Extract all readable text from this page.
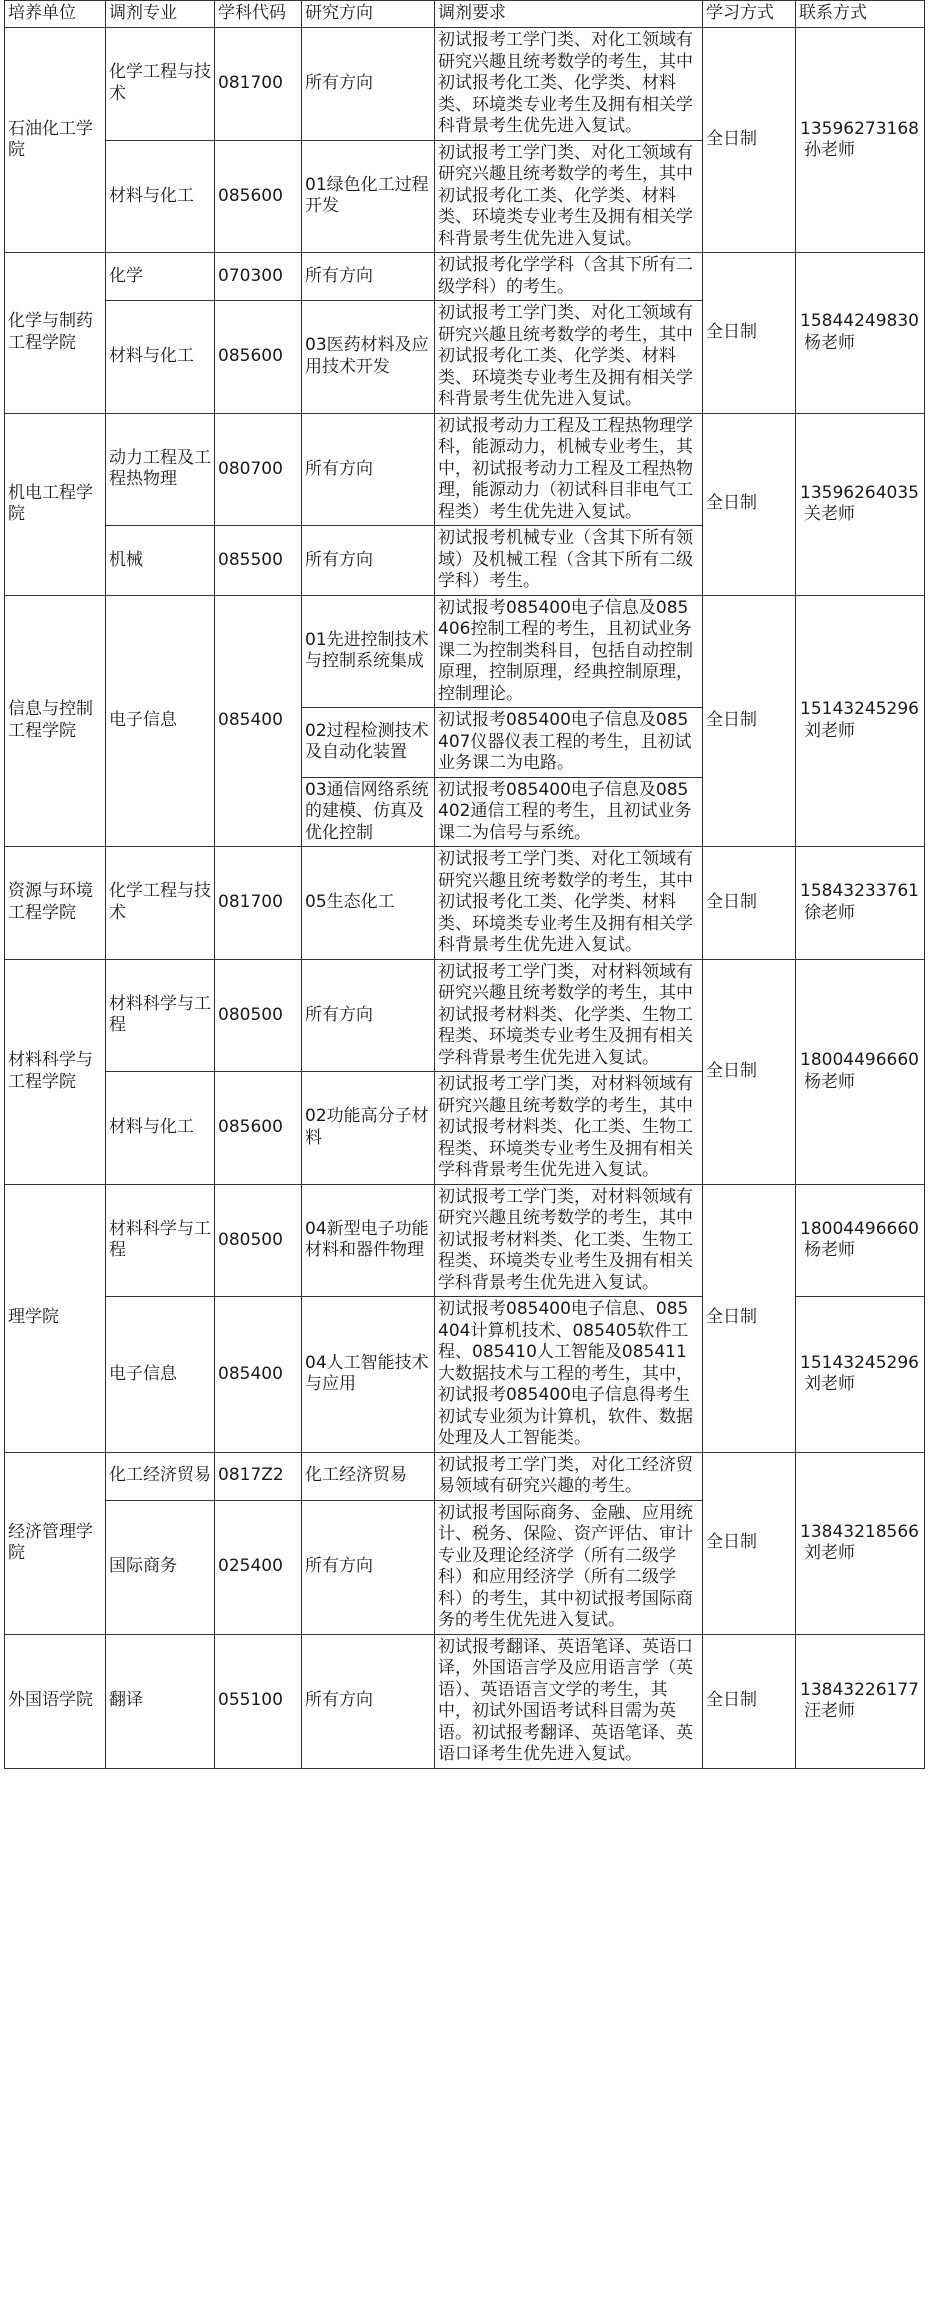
培养单位	调剂专业	学科代码	研究方向	调剂要求	学习方式	联系方式
石油化工学院	化学工程与技术	081700	所有方向	初试报考工学门类、对化工领域有研究兴趣且统考数学的考生，其中初试报考化工类、化学类、材料类、环境类专业考生及拥有相关学科背景考生优先进入复试。	全日制	13596273168
孙老师

	材料与化工	085600	01绿色化工过程开发	初试报考工学门类、对化工领域有研究兴趣且统考数学的考生，其中初试报考化工类、化学类、材料类、环境类专业考生及拥有相关学科背景考生优先进入复试。		
化学与制药工程学院	化学	070300	所有方向	初试报考化学学科（含其下所有二级学科）的考生。	全日制	15844249830
杨老师

	材料与化工	085600	03医药材料及应用技术开发	初试报考工学门类、对化工领域有研究兴趣且统考数学的考生，其中初试报考化工类、化学类、材料类、环境类专业考生及拥有相关学科背景考生优先进入复试。		
机电工程学院	动力工程及工程热物理	080700	所有方向	初试报考动力工程及工程热物理学科，能源动力，机械专业考生，其中，初试报考动力工程及工程热物理，能源动力（初试科目非电气工程类）考生优先进入复试。	全日制	13596264035
关老师

	机械	085500	所有方向	初试报考机械专业（含其下所有领域）及机械工程（含其下所有二级学科）考生。		
信息与控制工程学院	电子信息	085400	01先进控制技术与控制系统集成	初试报考085400电子信息及085406控制工程的考生，且初试业务课二为控制类科目，包括自动控制原理，控制原理，经典控制原理，控制理论。	全日制	15143245296
刘老师

			02过程检测技术及自动化装置	初试报考085400电子信息及085407仪器仪表工程的考生，且初试业务课二为电路。		
			03通信网络系统的建模、仿真及优化控制	初试报考085400电子信息及085402通信工程的考生，且初试业务课二为信号与系统。		
资源与环境工程学院	化学工程与技术	081700	05生态化工	初试报考工学门类、对化工领域有研究兴趣且统考数学的考生，其中初试报考化工类、化学类、材料类、环境类专业考生及拥有相关学科背景考生优先进入复试。	全日制	15843233761
徐老师

材料科学与工程学院	材料科学与工程	080500	所有方向	初试报考工学门类，对材料领域有研究兴趣且统考数学的考生，其中初试报考材料类、化学类、生物工程类、环境类专业考生及拥有相关学科背景考生优先进入复试。	全日制	18004496660
杨老师

	材料与化工	085600	02功能高分子材料	初试报考工学门类，对材料领域有研究兴趣且统考数学的考生，其中初试报考材料类、化工类、生物工程类、环境类专业考生及拥有相关学科背景考生优先进入复试。		
理学院	材料科学与工程	080500	04新型电子功能材料和器件物理	初试报考工学门类，对材料领域有研究兴趣且统考数学的考生，其中初试报考材料类、化工类、生物工程类、环境类专业考生及拥有相关学科背景考生优先进入复试。	全日制	18004496660
杨老师

	电子信息	085400	04人工智能技术与应用	初试报考085400电子信息、085404计算机技术、085405软件工程、085410人工智能及085411大数据技术与工程的考生，其中，初试报考085400电子信息得考生初试专业须为计算机，软件、数据处理及人工智能类。		15143245296
刘老师

经济管理学院	化工经济贸易	0817Z2	化工经济贸易	初试报考工学门类，对化工经济贸易领域有研究兴趣的考生。	全日制	13843218566
刘老师

	国际商务	025400	所有方向	初试报考国际商务、金融、应用统计、税务、保险、资产评估、审计专业及理论经济学（所有二级学科）和应用经济学（所有二级学科）的考生，其中初试报考国际商务的考生优先进入复试。		
外国语学院	翻译	055100	所有方向	初试报考翻译、英语笔译、英语口译，外国语言学及应用语言学（英语）、英语语言文学的考生，其中，初试外国语考试科目需为英语。初试报考翻译、英语笔译、英语口译考生优先进入复试。	全日制	13843226177
汪老师
